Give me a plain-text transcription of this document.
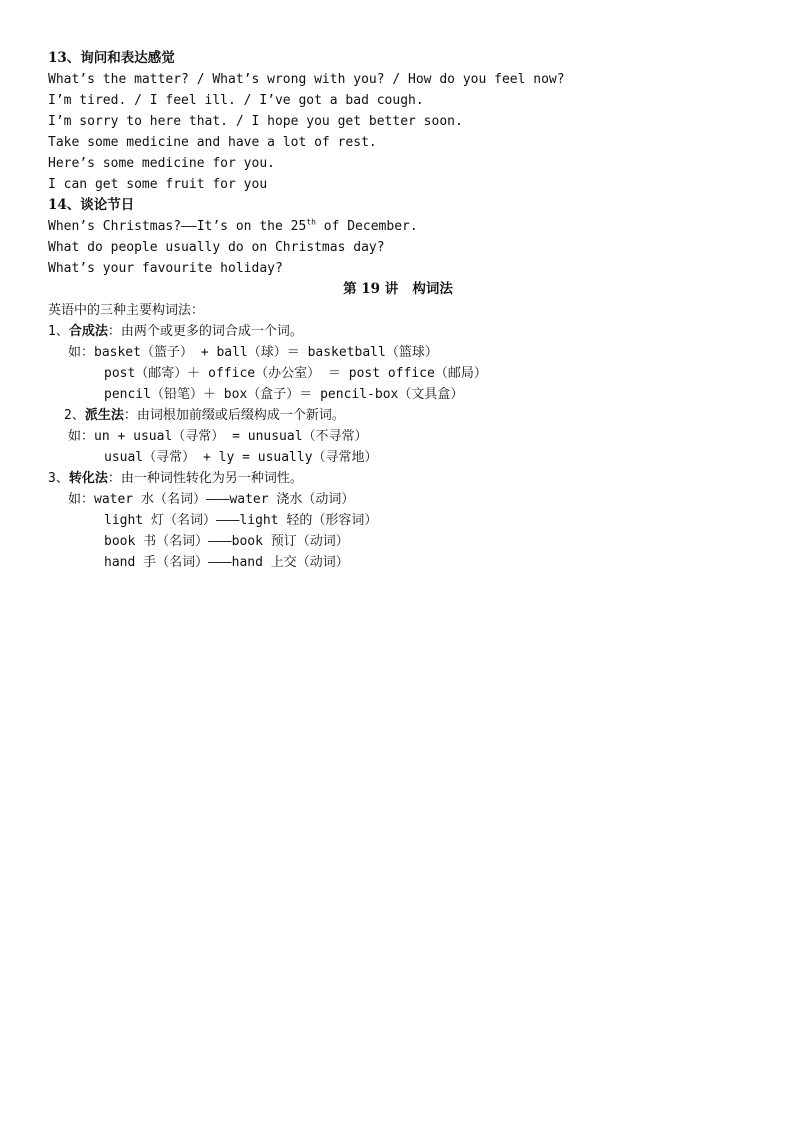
13、询问和表达感觉
What’s the matter? / What’s wrong with you? / How do you feel now?
I’m tired. / I feel ill. / I’ve got a bad cough.
I’m sorry to here that. / I hope you get better soon.
Take some medicine and have a lot of rest.
Here’s some medicine for you.
I can get some fruit for you
14、谈论节日
When’s Christmas?——It’s on the 25th of December.
What do people usually do on Christmas day?
What’s your favourite holiday?
第 19 讲   构词法
英语中的三种主要构词法：
1、合成法：由两个或更多的词合成一个词。
如：basket（篮子） + ball（球）＝ basketball（篮球）
post（邮寄）＋ office（办公室） ＝ post office（邮局）
pencil（铅笔）＋ box（盒子）＝ pencil-box（文具盒）
2、派生法：由词根加前缀或后缀构成一个新词。
如：un + usual（寻常） = unusual（不寻常）
usual（寻常） + ly = usually（寻常地）
3、转化法：由一种词性转化为另一种词性。
如：water 水（名词）———water 浇水（动词）
light 灯（名词）———light 轻的（形容词）
book 书（名词）———book 预订（动词）
hand 手（名词）———hand 上交（动词）
